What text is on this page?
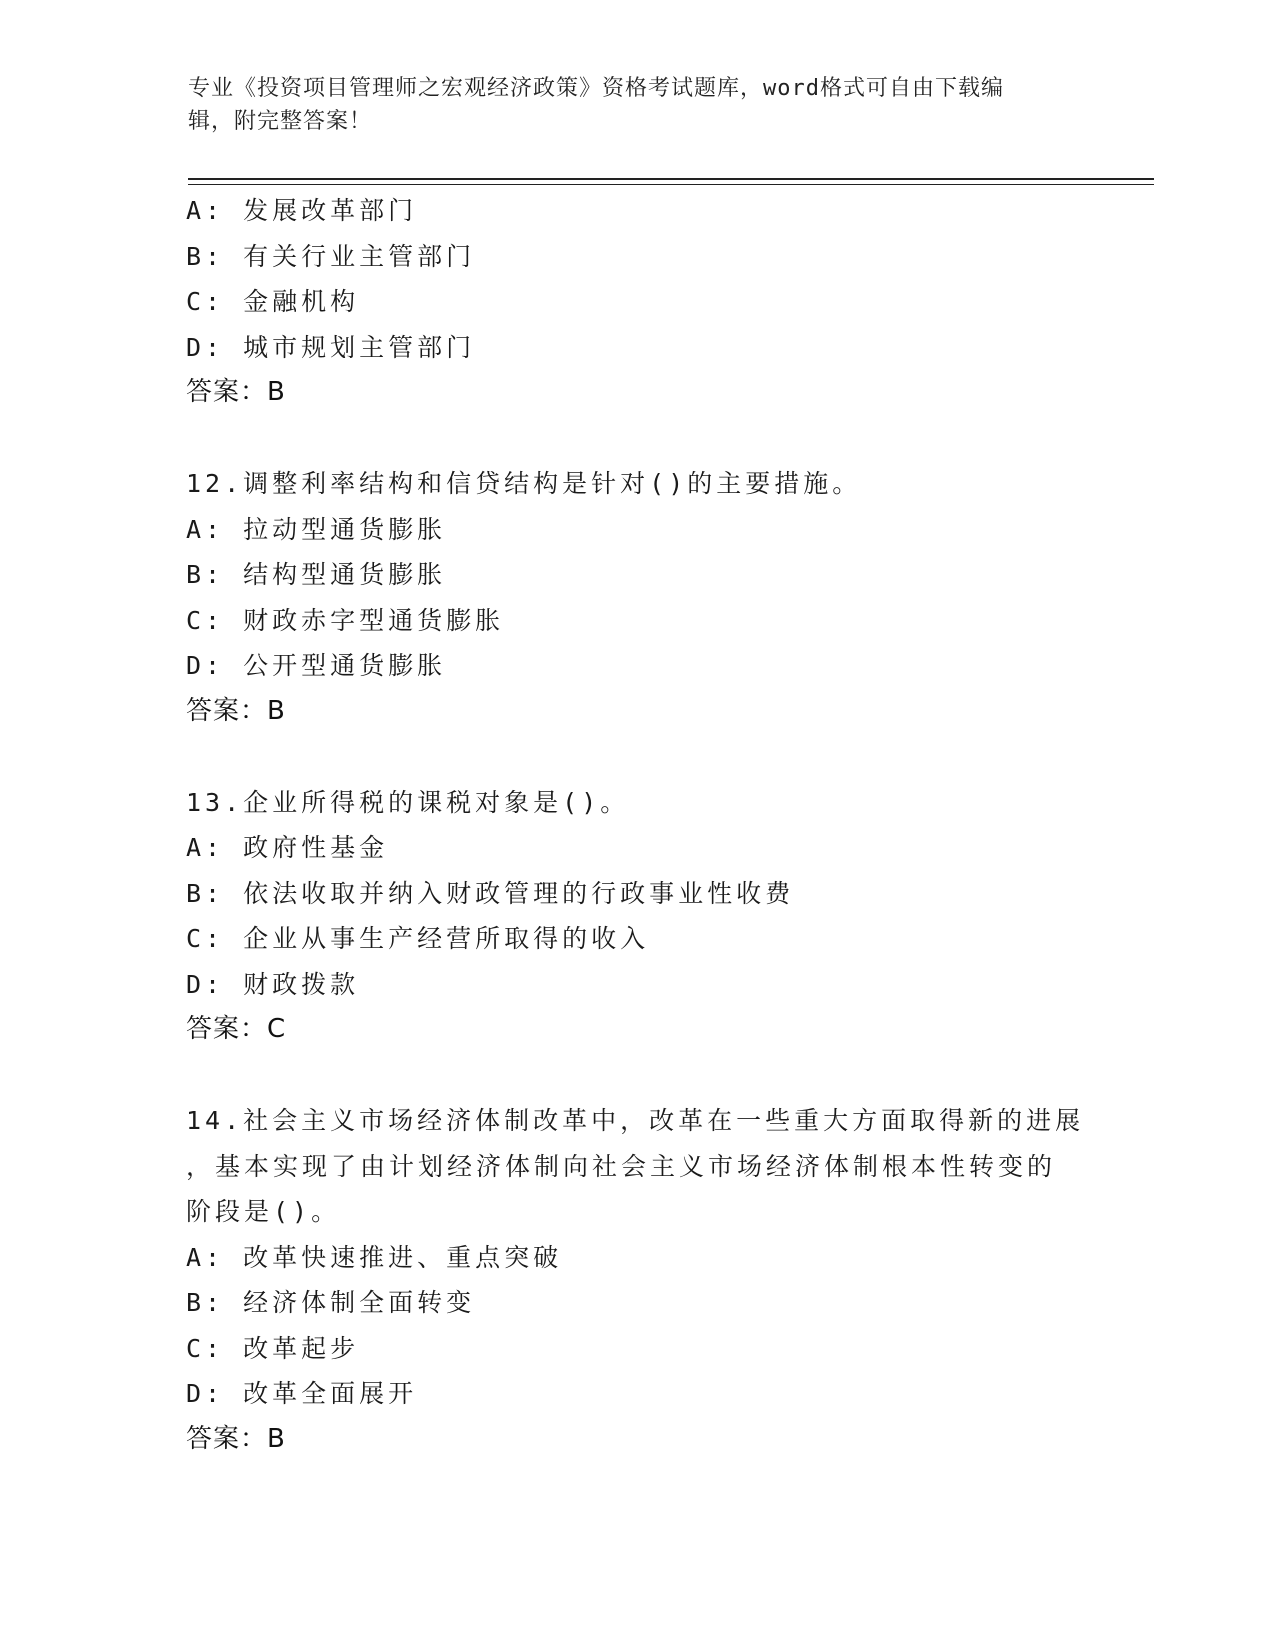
专业《投资项目管理师之宏观经济政策》资格考试题库，word格式可自由下载编
辑，附完整答案！
A: 发展改革部门
B: 有关行业主管部门
C: 金融机构
D: 城市规划主管部门
答案：B
12.调整利率结构和信贷结构是针对()的主要措施。
A: 拉动型通货膨胀
B: 结构型通货膨胀
C: 财政赤字型通货膨胀
D: 公开型通货膨胀
答案：B
13.企业所得税的课税对象是()。
A: 政府性基金
B: 依法收取并纳入财政管理的行政事业性收费
C: 企业从事生产经营所取得的收入
D: 财政拨款
答案：C
14.社会主义市场经济体制改革中，改革在一些重大方面取得新的进展
，基本实现了由计划经济体制向社会主义市场经济体制根本性转变的
阶段是()。
A: 改革快速推进、重点突破
B: 经济体制全面转变
C: 改革起步
D: 改革全面展开
答案：B
